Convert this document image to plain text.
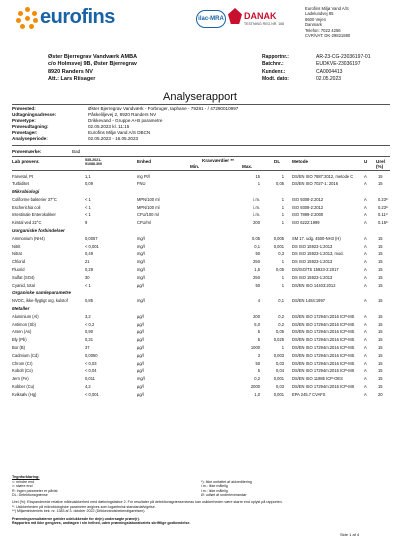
eurofins	ilac-MRA DANAK
TESTNING REG.NR. 168
Eurofins Miljø Vand A/S
Ladelundvej 85
6600 Vejen
Danmark
Telefon: 7022 4256
CVR/VAT: DK-29821880
Øster Bjerregrav Vandværk AMBA
c/o Holmsvej 9B, Øster Bjerregrav
8920 Randers NV
Att.: Lars Riisager
Rapportnr.:	AR-23-CG-23036197-01
Batchnr.:	EUDKVE-23036197
Kundenr.:	CA0004413
Modt. dato:	02.05.2023
Analyserapport
Prøvested:	Øster Bjerregrav Vandværk - Forbruger, taphane - 79281 - / 47290010997
Udtagningsadresse:	Påskeliljevej 2, 8920 Randers NV
Prøvetype:	Drikkevand - Gruppe A+B parametre
Prøveudtagning:	02.05.2023 kl. 11:15
Prøvetager:	Eurofins Miljø Vand A/S DBCN
Analyseperiode:	02.05.2023 - 16.05.2023
Prøvemærke:	Bad
Lab prøvenr.	535-2021-91088.300
Enhed	Kravværdier **
Min.	Max.
DL	Metode	U Urel (%)
Farvetal, Pt	1,1	mg Pt/l	15	1 DS/EN ISO 7887:2012, metode C	A	15
Turbiditet	0,09	FNU	1	0,05 DS/EN ISO 7027-1: 2016	A	15
Mikrobiologi
Coliforme bakterier 37°C	< 1	MPN/100 ml	i.m.	1 ISO 9308-2:2012	A	0.23¹⁾
Escherichia coli	< 1	MPN/100 ml	i.m.	1 ISO 9308-2:2012	A	0.23¹⁾
Intestinale Enterokokker	< 1	CFU/100 ml	i.m.	1 ISO 7899-2:2000	A	0.11¹⁾
Kimtal ved 22°C	9	CFU/ml	200	1 ISO 6222:1999	A	0.15¹⁾
Uorganiske forbindelser
Ammonium (NH4)	0,0057	mg/l	0.05	0,005 SM 17. udg. 4500-NH3 (H)	A	15
Nitrit	< 0,001	mg/l	0,1	0,001 DS ISO 15923-1:2013	A	15
Nitrat	0,49	mg/l	50	0,3 DS ISO 15923-1:2013, mod.	A	15
Chlorid	21	mg/l	250	1 DS ISO 15923-1:2013	A	15
Fluorid	0,29	mg/l	1,5	0,05 DS/ISO/TS 15923-2:2017	A	15
Sulfat (SO4)	30	mg/l	250	1 DS ISO 15923-1:2013	A	15
Cyanid, total	< 1	µg/l	50	1 DS/EN ISO 14403:2012	A	15
Organiske samleparametre
NVOC, ikke-flygtigt org. kulstof	0,85	mg/l	4	0,1 DS/EN 1484:1997	A	15
Metaller
Aluminium (Al)	3,2	µg/l	200	0,2 DS/EN ISO 17294m:2016 ICP-MS A	15
Antimon (Sb)	< 0,2	µg/l	5,0	0,2 DS/EN ISO 17294m:2016 ICP-MS A	15
Arsen (As)	0,90	µg/l	5	0,05 DS/EN ISO 17294m:2016 ICP-MS A	15
Bly (Pb)	0,31	µg/l	5	0,025 DS/EN ISO 17294m:2016 ICP-MS A	15
Bor (B)	37	µg/l	1000	1 DS/EN ISO 17294m:2016 ICP-MS A	15
Cadmium (Cd)	0,0050	µg/l	3	0,003 DS/EN ISO 17294m:2016 ICP-MS A	15
Chrom (Cr)	< 0,03	µg/l	50	0,03 DS/EN ISO 17294m:2016 ICP-MS A	15
Kobolt (Co)	< 0,04	µg/l	5	0,04 DS/EN ISO 17294m:2016 ICP-MS A	15
Jern (Fe)	0,011	mg/l	0,2	0,001 DS/EN ISO 11885 ICP-OES	A	15
Kobber (Cu)	4,2	µg/l	2000	0,03 DS/EN ISO 17294m:2016 ICP-MS A	15
Kviksølv (Hg)	< 0,001	µg/l	1,0	0,001 EPA 245.7 CVAFS	A	20
Tegnforklaring:
<: mindre end
>: større end
R: Ingen parameter er påvist
DL: Detektionsgrænse
*): Ikke omfattet af akkreditering
i.m.: Ikke målelig
i.m.: Ikke målelig
Ø: udført af underleverandør
Urel (%): Ekspanderede relative måleusikkerhed med dækningsfaktor 2. For resultater på detektionsgrænseniveau kan usikkerheden være større end oplyst på rapporten.
¹⁾: Usikkerheden på mikrobiologiske parametre angives som logaritmisk standardafvigelse.
**) Miljøministeriets bek. nr. 1383 af 3. oktober 2022 (Drikkevandsbekendtgørelsen).
Prøveningsresultaterne gælder udelukkende for de(n) undersøgte prøve(r).
Rapporten må ikke gengives, undtagen i sin helhed, uden prøvningslaboratoriets skriftlige godkendelse.
Side 1 af 4
